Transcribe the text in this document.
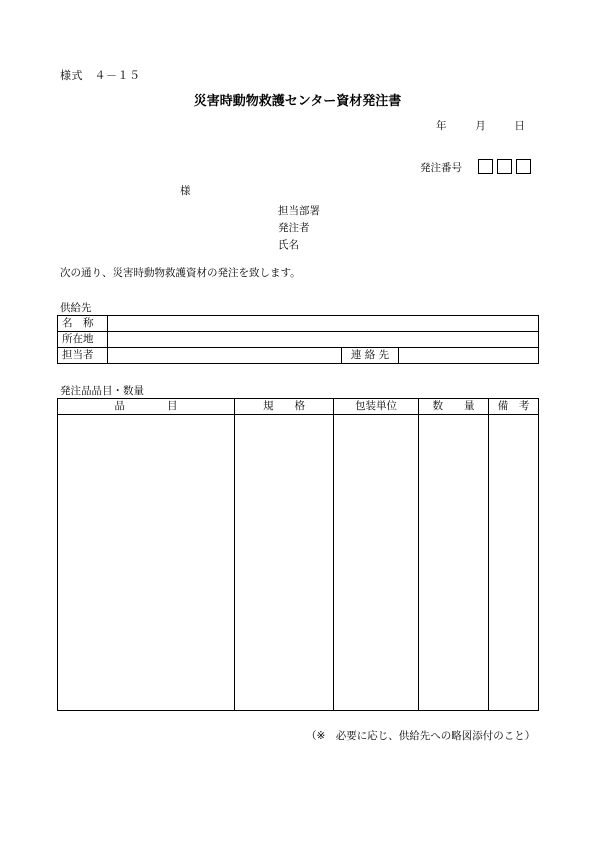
様式　４－１５
災害時動物救護センター資材発注書
年	月	日
発注番号
様
担当部署
発注者
氏名
次の通り、災害時動物救護資材の発注を致します。
供給先
名　称			
所在地			
担当者		連 絡 先	
発注品品目・数量
品　　　　目	規　　格	包装単位	数　　量	備　考

（※　必要に応じ、供給先への略図添付のこと）
